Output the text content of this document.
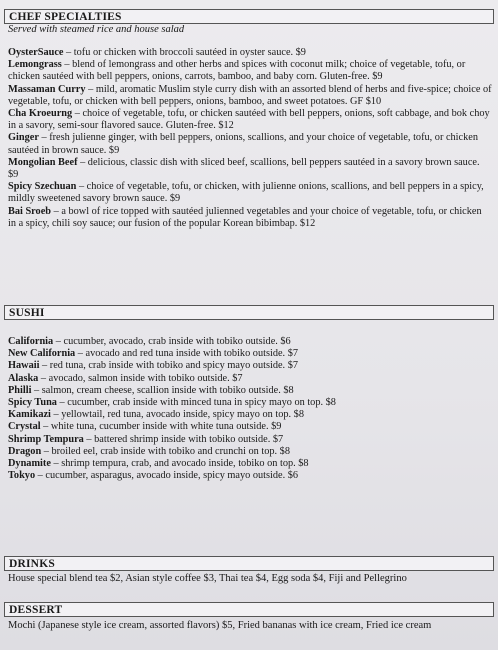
CHEF SPECIALTIES
Served with steamed rice and house salad

OysterSauce – tofu or chicken with broccoli sautéed in oyster sauce. $9

Lemongrass – blend of lemongrass and other herbs and spices with coconut milk; choice of vegetable, tofu, or chicken sautéed with bell peppers, onions, carrots, bamboo, and baby corn. Gluten-free. $9

Massaman Curry – mild, aromatic Muslim style curry dish with an assorted blend of herbs and five-spice; choice of vegetable, tofu, or chicken with bell peppers, onions, bamboo, and sweet potatoes. GF $10

Cha Kroeurng – choice of vegetable, tofu, or chicken sautéed with bell peppers, onions, soft cabbage, and bok choy in a savory, semi-sour flavored sauce. Gluten-free. $12

Ginger – fresh julienne ginger, with bell peppers, onions, scallions, and your choice of vegetable, tofu, or chicken sautéed in brown sauce. $9

Mongolian Beef – delicious, classic dish with sliced beef, scallions, bell peppers sautéed in a savory brown sauce. $9

Spicy Szechuan – choice of vegetable, tofu, or chicken, with julienne onions, scallions, and bell peppers in a spicy, mildly sweetened savory brown sauce. $9

Bai Sroeb – a bowl of rice topped with sautéed julienned vegetables and your choice of vegetable, tofu, or chicken in a spicy, chili soy sauce; our fusion of the popular Korean bibimbap. $12

SUSHI

California – cucumber, avocado, crab inside with tobiko outside. $6

New California – avocado and red tuna inside with tobiko outside. $7

Hawaii – red tuna, crab inside with tobiko and spicy mayo outside. $7

Alaska – avocado, salmon inside with tobiko outside. $7

Philli – salmon, cream cheese, scallion inside with tobiko outside. $8

Spicy Tuna – cucumber, crab inside with minced tuna in spicy mayo on top. $8

Kamikazi – yellowtail, red tuna, avocado inside, spicy mayo on top. $8

Crystal – white tuna, cucumber inside with white tuna outside. $9

Shrimp Tempura – battered shrimp inside with tobiko outside. $7

Dragon – broiled eel, crab inside with tobiko and crunchi on top. $8

Dynamite – shrimp tempura, crab, and avocado inside, tobiko on top. $8

Tokyo – cucumber, asparagus, avocado inside, spicy mayo outside. $6

DRINKS
House special blend tea $2, Asian style coffee $3, Thai tea $4, Egg soda $4, Fiji and Pellegrino
DESSERT
Mochi (Japanese style ice cream, assorted flavors) $5, Fried bananas with ice cream, Fried ice cream
